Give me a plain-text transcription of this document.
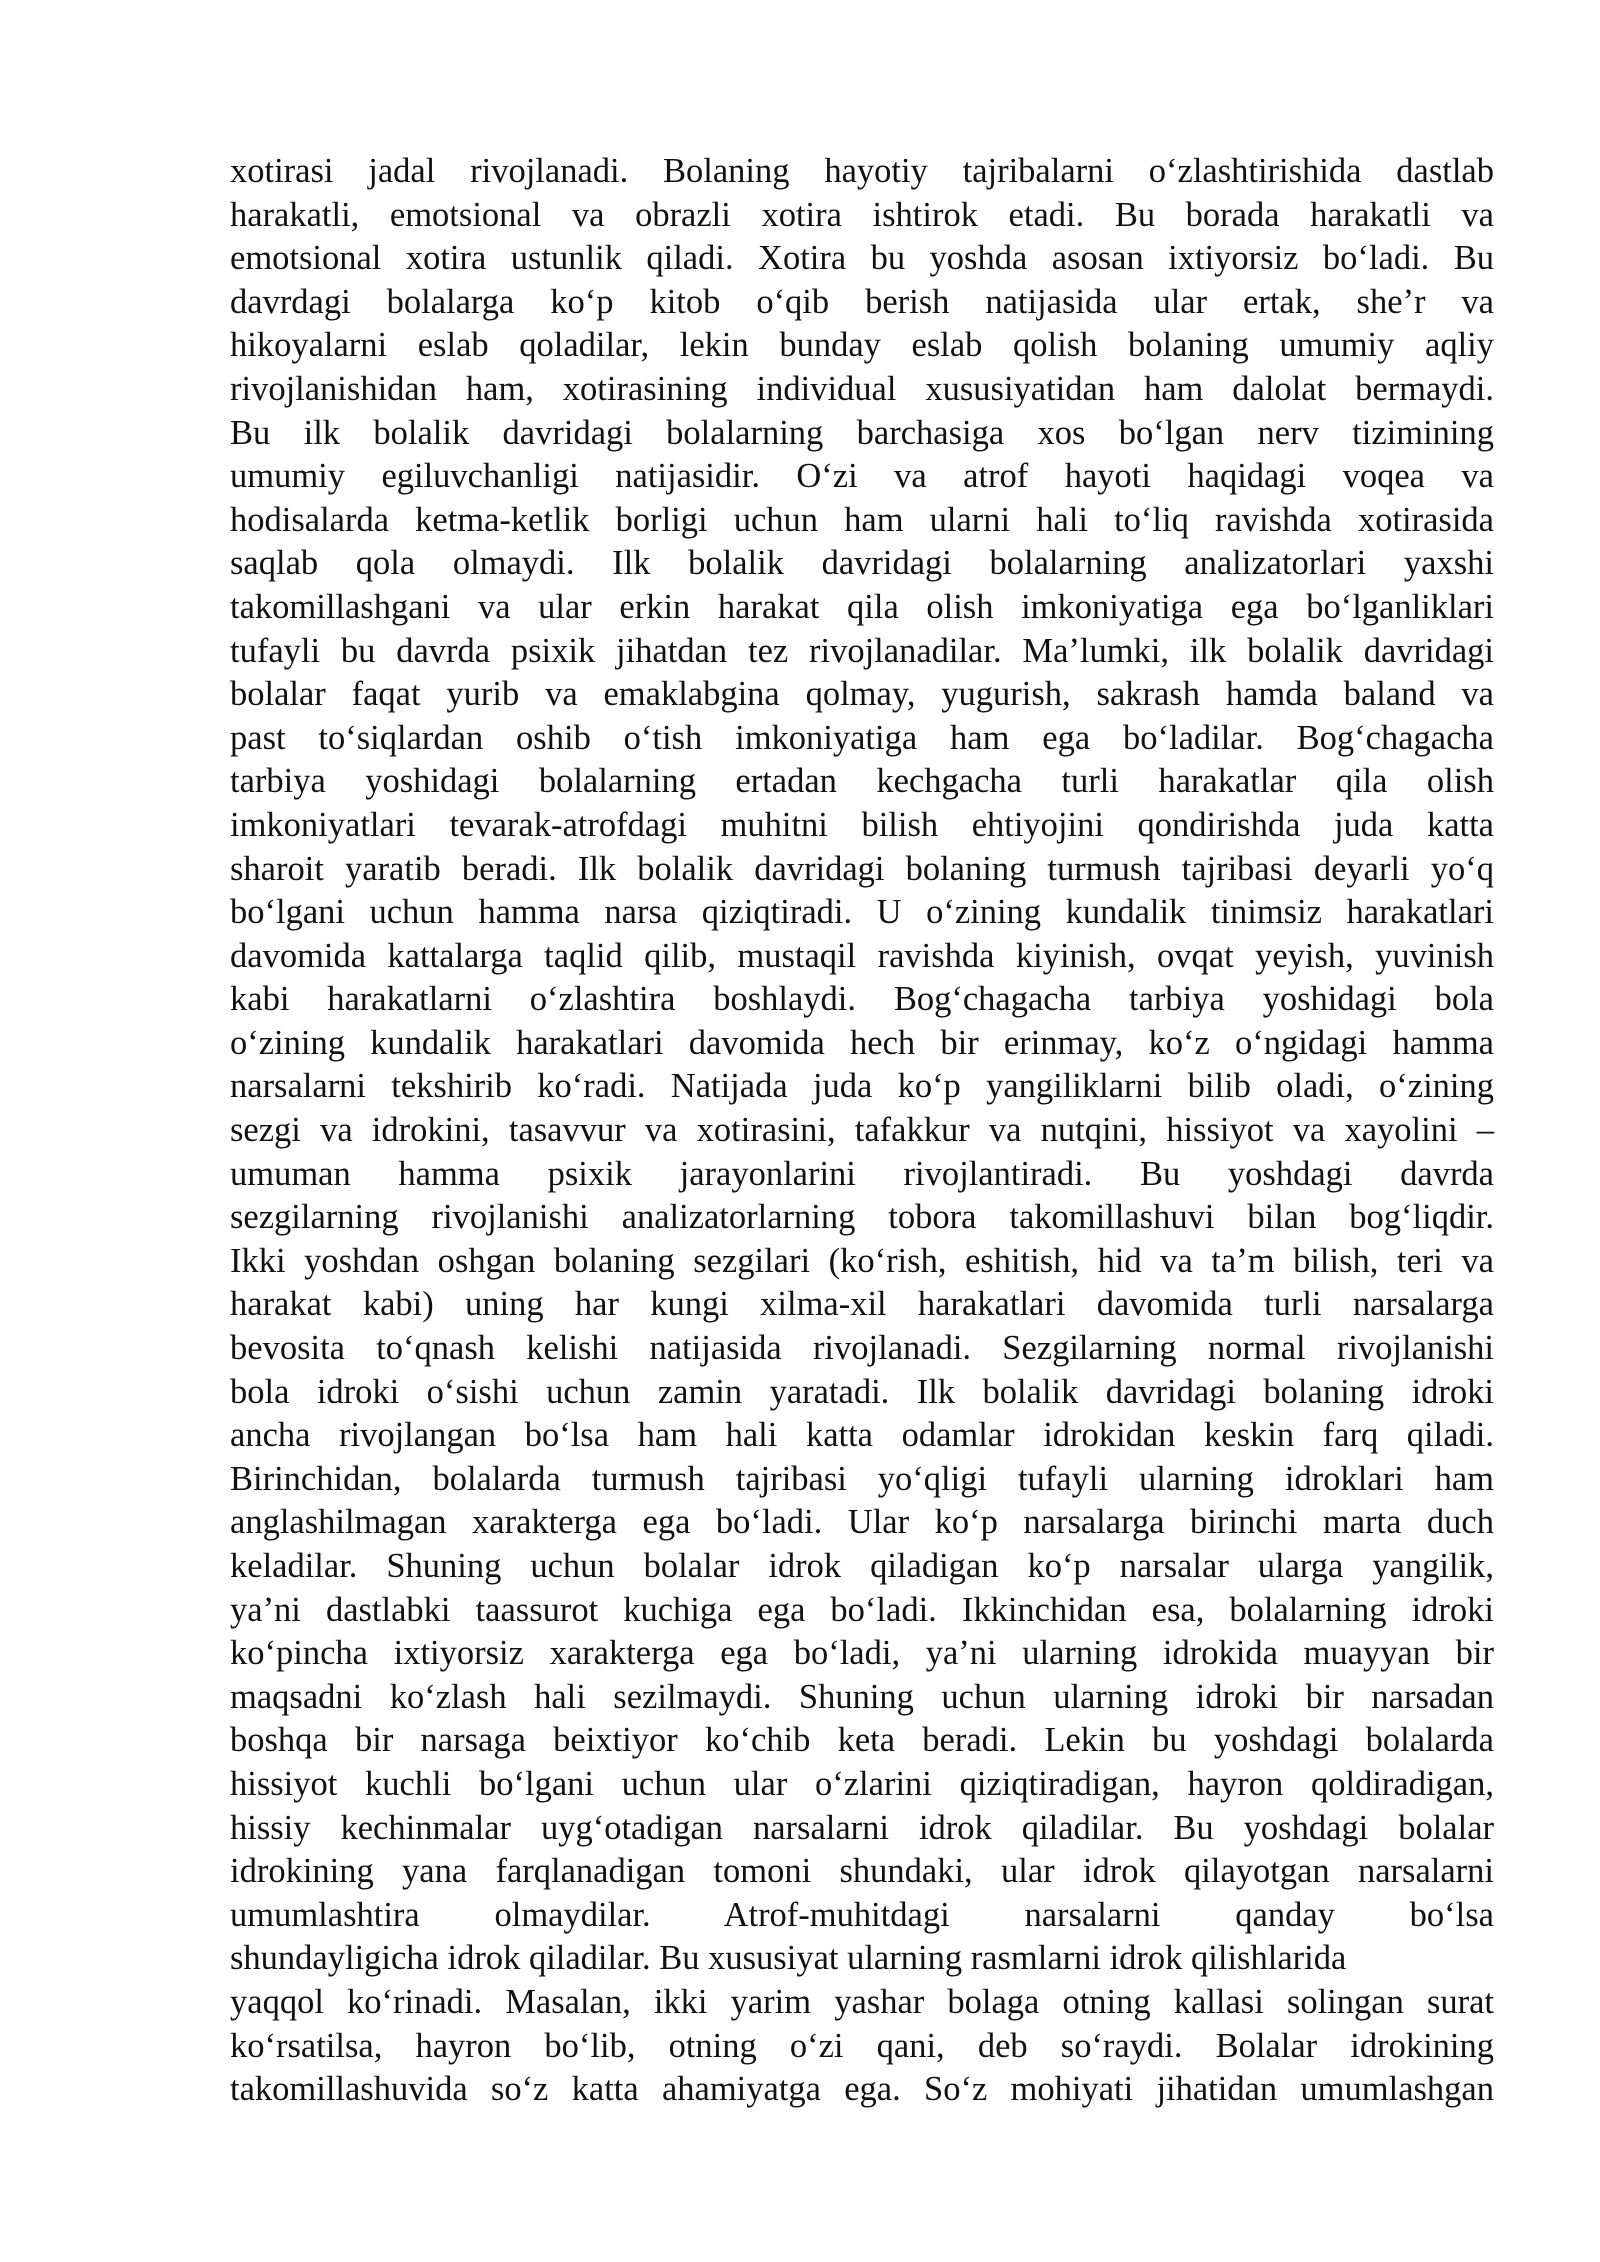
xotirasi jadal rivojlanadi. Bolaning hayotiy tajribalarni oʻzlashtirishida dastlab
harakatli, emotsional va obrazli xotira ishtirok etadi. Bu borada harakatli va
emotsional xotira ustunlik qiladi. Xotira bu yoshda asosan ixtiyorsiz boʻladi. Bu
davrdagi bolalarga koʻp kitob oʻqib berish natijasida ular ertak, sheʼr va
hikoyalarni eslab qoladilar, lekin bunday eslab qolish bolaning umumiy aqliy
rivojlanishidan ham, xotirasining individual xususiyatidan ham dalolat bermaydi.
Bu ilk bolalik davridagi bolalarning barchasiga xos boʻlgan nerv tizimining
umumiy egiluvchanligi natijasidir. Oʻzi va atrof hayoti haqidagi voqea va
hodisalarda ketma-ketlik borligi uchun ham ularni hali toʻliq ravishda xotirasida
saqlab qola olmaydi. Ilk bolalik davridagi bolalarning analizatorlari yaxshi
takomillashgani va ular erkin harakat qila olish imkoniyatiga ega boʻlganliklari
tufayli bu davrda psixik jihatdan tez rivojlanadilar. Maʼlumki, ilk bolalik davridagi
bolalar faqat yurib va emaklabgina qolmay, yugurish, sakrash hamda baland va
past toʻsiqlardan oshib oʻtish imkoniyatiga ham ega boʻladilar. Bogʻchagacha
tarbiya yoshidagi bolalarning ertadan kechgacha turli harakatlar qila olish
imkoniyatlari tevarak-atrofdagi muhitni bilish ehtiyojini qondirishda juda katta
sharoit yaratib beradi. Ilk bolalik davridagi bolaning turmush tajribasi deyarli yoʻq
boʻlgani uchun hamma narsa qiziqtiradi. U oʻzining kundalik tinimsiz harakatlari
davomida kattalarga taqlid qilib, mustaqil ravishda kiyinish, ovqat yeyish, yuvinish
kabi harakatlarni oʻzlashtira boshlaydi. Bogʻchagacha tarbiya yoshidagi bola
oʻzining kundalik harakatlari davomida hech bir erinmay, koʻz oʻngidagi hamma
narsalarni tekshirib koʻradi. Natijada juda koʻp yangiliklarni bilib oladi, oʻzining
sezgi va idrokini, tasavvur va xotirasini, tafakkur va nutqini, hissiyot va xayolini –
umuman hamma psixik jarayonlarini rivojlantiradi. Bu yoshdagi davrda
sezgilarning rivojlanishi analizatorlarning tobora takomillashuvi bilan bogʻliqdir.
Ikki yoshdan oshgan bolaning sezgilari (koʻrish, eshitish, hid va taʼm bilish, teri va
harakat kabi) uning har kungi xilma-xil harakatlari davomida turli narsalarga
bevosita toʻqnash kelishi natijasida rivojlanadi. Sezgilarning normal rivojlanishi
bola idroki oʻsishi uchun zamin yaratadi. Ilk bolalik davridagi bolaning idroki
ancha rivojlangan boʻlsa ham hali katta odamlar idrokidan keskin farq qiladi.
Birinchidan, bolalarda turmush tajribasi yoʻqligi tufayli ularning idroklari ham
anglashilmagan xarakterga ega boʻladi. Ular koʻp narsalarga birinchi marta duch
keladilar. Shuning uchun bolalar idrok qiladigan koʻp narsalar ularga yangilik,
yaʼni dastlabki taassurot kuchiga ega boʻladi. Ikkinchidan esa, bolalarning idroki
koʻpincha ixtiyorsiz xarakterga ega boʻladi, yaʼni ularning idrokida muayyan bir
maqsadni koʻzlash hali sezilmaydi. Shuning uchun ularning idroki bir narsadan
boshqa bir narsaga beixtiyor koʻchib keta beradi. Lekin bu yoshdagi bolalarda
hissiyot kuchli boʻlgani uchun ular oʻzlarini qiziqtiradigan, hayron qoldiradigan,
hissiy kechinmalar uygʻotadigan narsalarni idrok qiladilar. Bu yoshdagi bolalar
idrokining yana farqlanadigan tomoni shundaki, ular idrok qilayotgan narsalarni
umumlashtira olmaydilar. Atrof-muhitdagi narsalarni qanday boʻlsa
shundayligicha idrok qiladilar. Bu xususiyat ularning rasmlarni idrok qilishlarida
yaqqol koʻrinadi. Masalan, ikki yarim yashar bolaga otning kallasi solingan surat
koʻrsatilsa, hayron boʻlib, otning oʻzi qani, deb soʻraydi. Bolalar idrokining
takomillashuvida soʻz katta ahamiyatga ega. Soʻz mohiyati jihatidan umumlashgan
